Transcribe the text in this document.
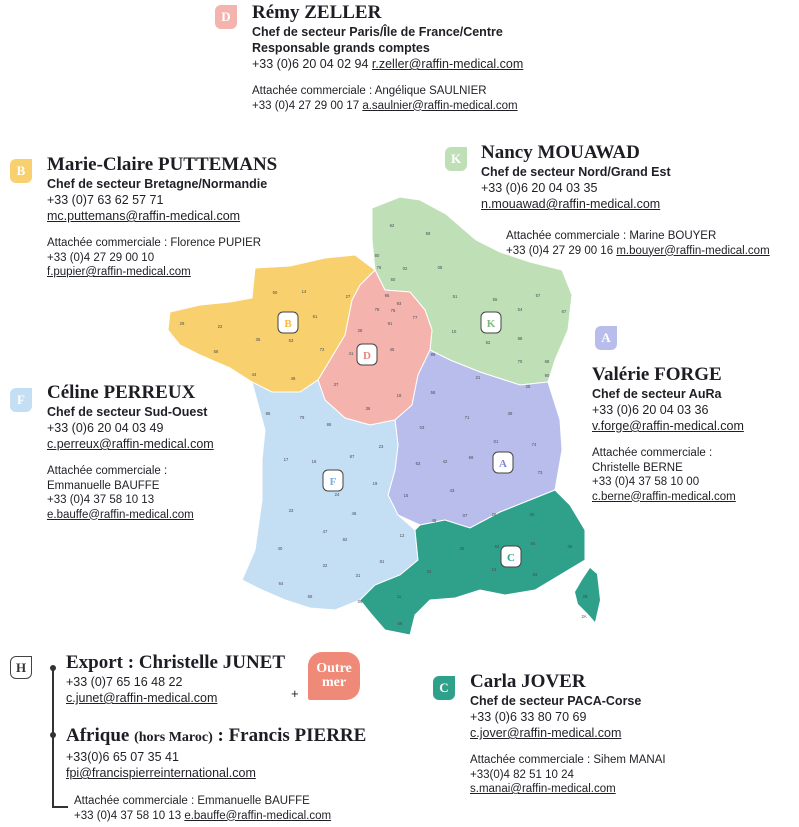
62
59
80
02	08
60
76
50	14
27
61
95
78	75
93
91
77
51
55
57
54	67
88
68
52
10
70
90
29
22
35
56
53
72
44
49
28
45
41
37
18
36
89
58
21
25
39
71
03
01
74
69
42
73
63
43
15
07	26
85
79
86
17	16
87
23
24
19
33
47
46
12
82
81
40
32
31
64
65
09
05
48
30	84
04
06
13
83
34
11
66
2B
2A
B
D
K
A
F
C
D	Rémy ZELLER
Chef de secteur Paris/Île de France/Centre
Responsable grands comptes
+33 (0)6 20 04 02 94 r.zeller@raffin-medical.com
Attachée commerciale : Angélique SAULNIER
+33 (0)4 27 29 00 17 a.saulnier@raffin-medical.com
B	Marie-Claire PUTTEMANS
Chef de secteur Bretagne/Normandie
+33 (0)7 63 62 57 71
mc.puttemans@raffin-medical.com
Attachée commerciale : Florence PUPIER
+33 (0)4 27 29 00 10
f.pupier@raffin-medical.com
K	Nancy MOUAWAD
Chef de secteur Nord/Grand Est
+33 (0)6 20 04 03 35
n.mouawad@raffin-medical.com
Attachée commerciale : Marine BOUYER
+33 (0)4 27 29 00 16 m.bouyer@raffin-medical.com
A
Valérie FORGE
Chef de secteur AuRa
+33 (0)6 20 04 03 36
v.forge@raffin-medical.com
Attachée commerciale :
Christelle BERNE
+33 (0)4 37 58 10 00
c.berne@raffin-medical.com
F	Céline PERREUX
Chef de secteur Sud-Ouest
+33 (0)6 20 04 03 49
c.perreux@raffin-medical.com
Attachée commerciale :
Emmanuelle BAUFFE
+33 (0)4 37 58 10 13
e.bauffe@raffin-medical.com
H	Export : Christelle JUNET
+33 (0)7 65 16 48 22
c.junet@raffin-medical.com	+
Outre
mer
Afrique (hors Maroc) : Francis PIERRE
+33(0)6 65 07 35 41
fpi@francispierreinternational.com
Attachée commerciale : Emmanuelle BAUFFE
+33 (0)4 37 58 10 13 e.bauffe@raffin-medical.com
C	Carla JOVER
Chef de secteur PACA-Corse
+33 (0)6 33 80 70 69
c.jover@raffin-medical.com
Attachée commerciale : Sihem MANAI
+33(0)4 82 51 10 24
s.manai@raffin-medical.com
